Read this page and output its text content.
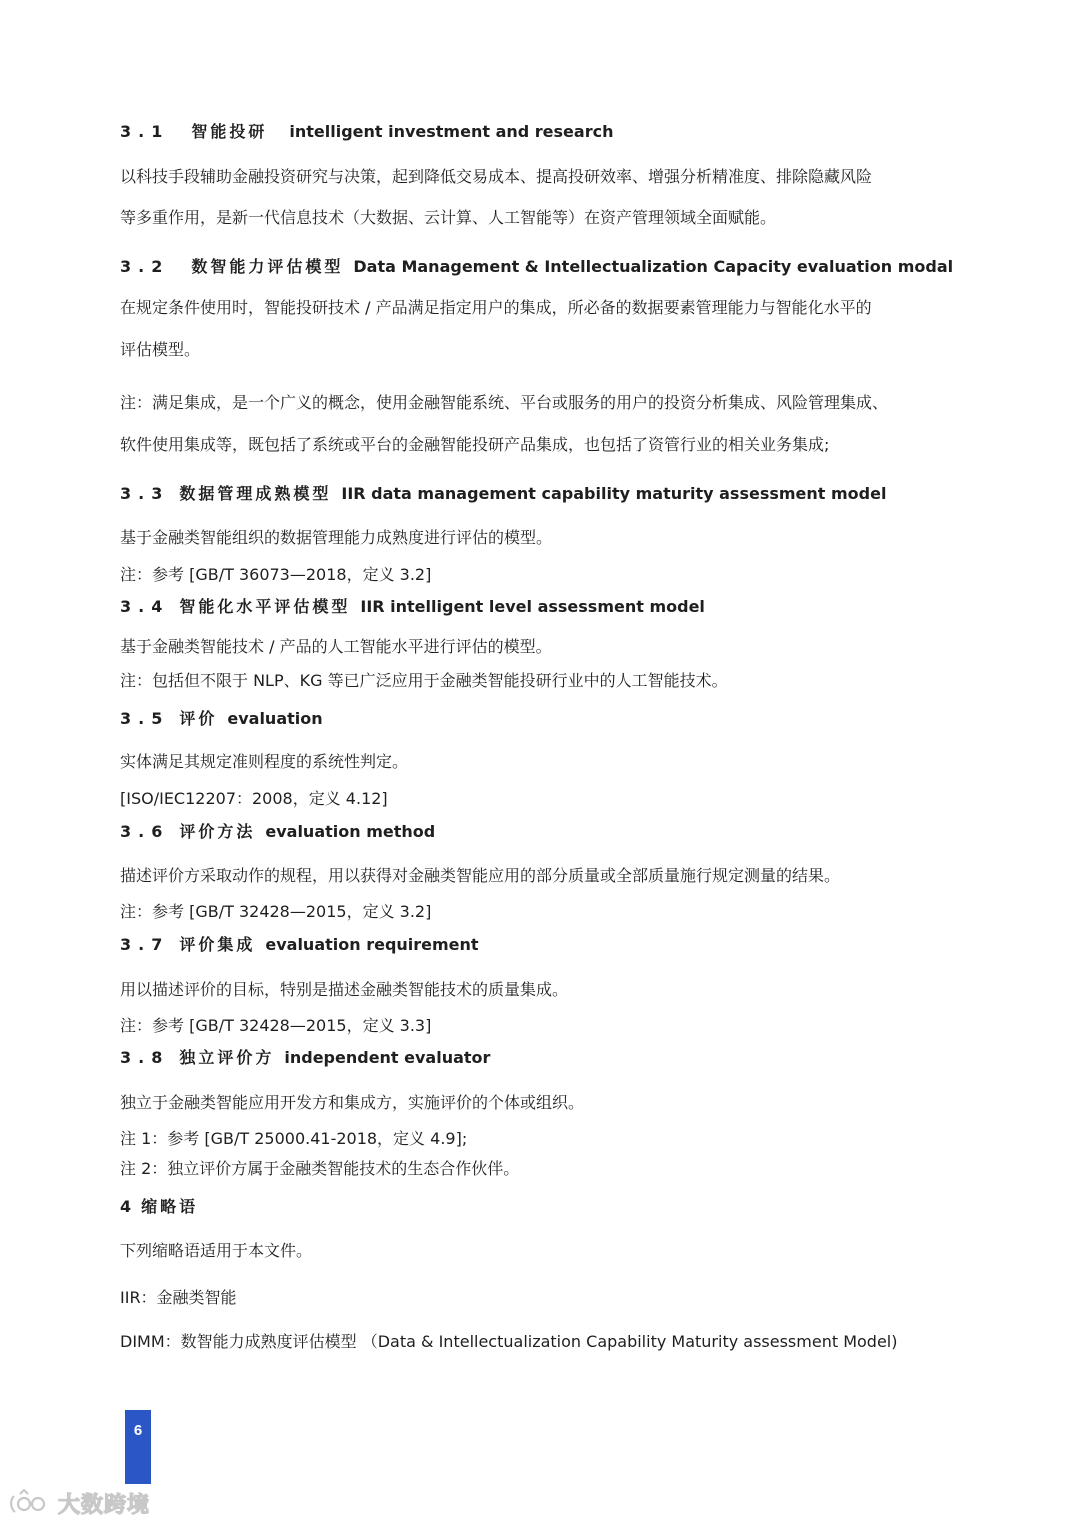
3.1 智能投研 intelligent investment and research
以科技手段辅助金融投资研究与决策，起到降低交易成本、提高投研效率、增强分析精准度、排除隐藏风险
等多重作用，是新一代信息技术（大数据、云计算、人工智能等）在资产管理领域全面赋能。
3.2 数智能力评估模型 Data Management & Intellectualization Capacity evaluation modal
在规定条件使用时，智能投研技术 / 产品满足指定用户的集成，所必备的数据要素管理能力与智能化水平的
评估模型。
注：满足集成，是一个广义的概念，使用金融智能系统、平台或服务的用户的投资分析集成、风险管理集成、
软件使用集成等，既包括了系统或平台的金融智能投研产品集成，也包括了资管行业的相关业务集成;
3.3 数据管理成熟模型 IIR data management capability maturity assessment model
基于金融类智能组织的数据管理能力成熟度进行评估的模型。
注：参考 [GB/T 36073—2018，定义 3.2]
3.4 智能化水平评估模型 IIR intelligent level assessment model
基于金融类智能技术 / 产品的人工智能水平进行评估的模型。
注：包括但不限于 NLP、KG 等已广泛应用于金融类智能投研行业中的人工智能技术。
3.5 评价 evaluation
实体满足其规定准则程度的系统性判定。
[ISO/IEC12207：2008，定义 4.12]
3.6 评价方法 evaluation method
描述评价方采取动作的规程，用以获得对金融类智能应用的部分质量或全部质量施行规定测量的结果。
注：参考 [GB/T 32428—2015，定义 3.2]
3.7 评价集成 evaluation requirement
用以描述评价的目标，特别是描述金融类智能技术的质量集成。
注：参考 [GB/T 32428—2015，定义 3.3]
3.8 独立评价方 independent evaluator
独立于金融类智能应用开发方和集成方，实施评价的个体或组织。
注 1：参考 [GB/T 25000.41-2018，定义 4.9];
注 2：独立评价方属于金融类智能技术的生态合作伙伴。
4 缩略语
下列缩略语适用于本文件。
IIR：金融类智能
DIMM：数智能力成熟度评估模型 （Data & Intellectualization Capability Maturity assessment Model)
6
大数跨境
